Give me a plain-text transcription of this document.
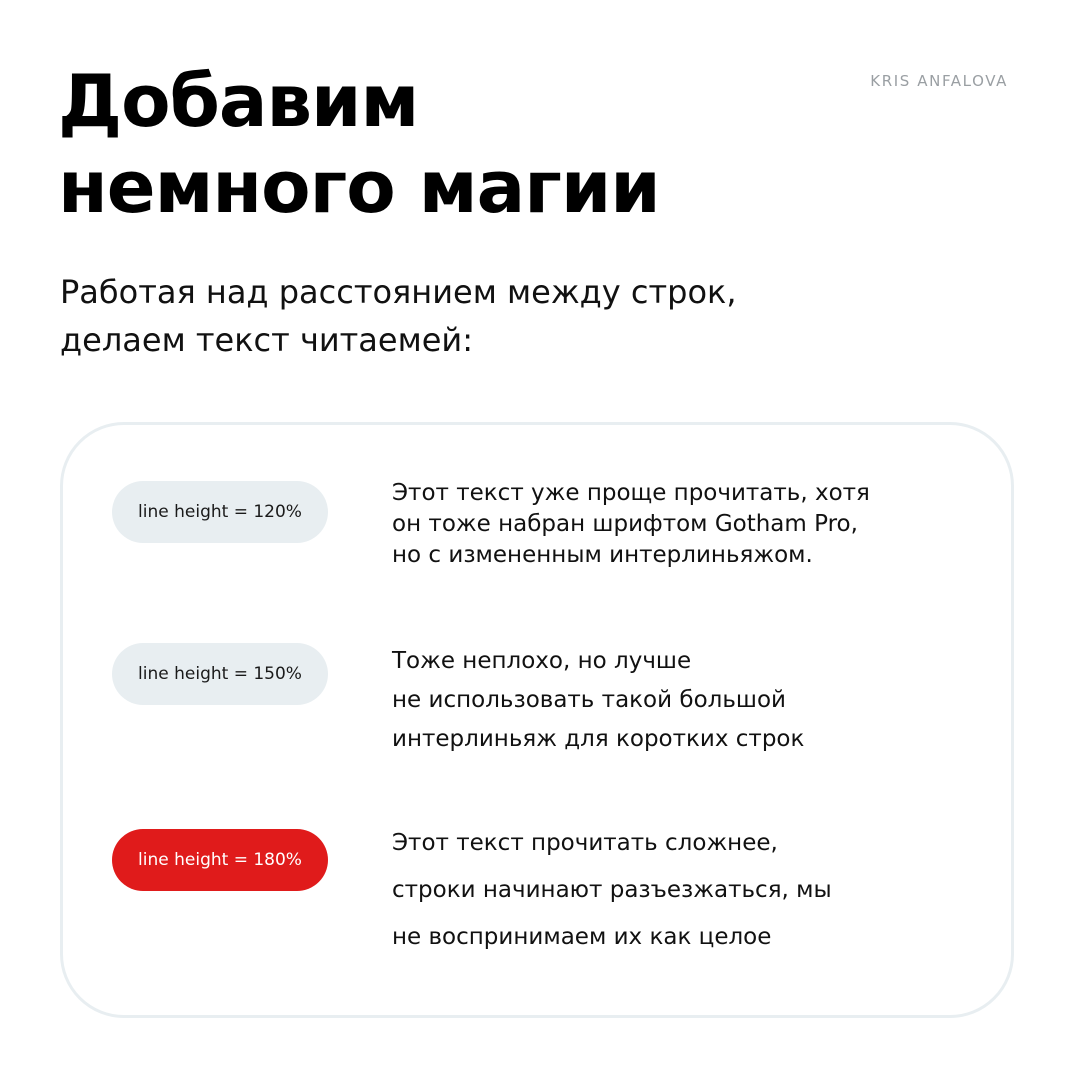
KRIS ANFALOVA
Добавим
немного магии

Работая над расстоянием между строк,
делаем текст читаемей:

line height = 120%

Этот текст уже проще прочитать, хотя
он тоже набран шрифтом Gotham Pro,
но с измененным интерлиньяжом.

line height = 150%	Тоже неплохо, но лучше
не использовать такой большой
интерлиньяж для коротких строк

line height = 180%

Этот текст прочитать сложнее,
строки начинают разъезжаться, мы
не воспринимаем их как целое
